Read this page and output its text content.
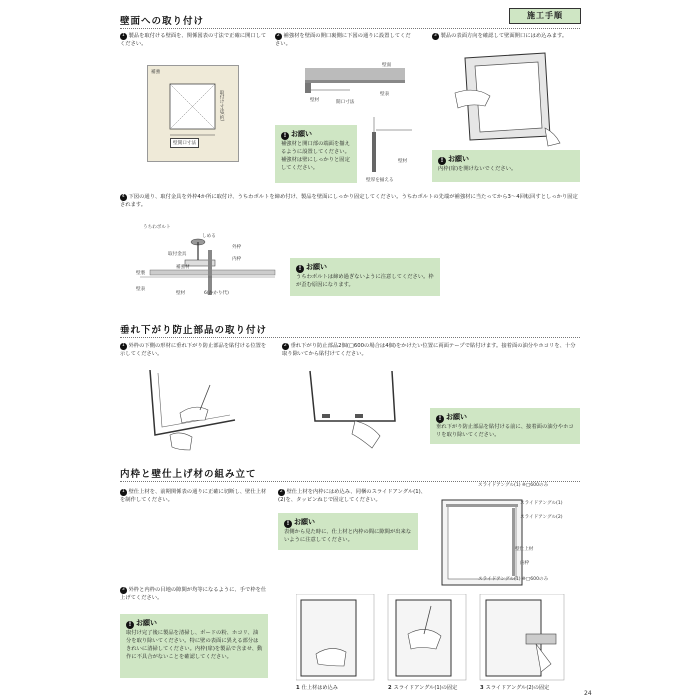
施工手順
壁面への取り付け
1 製品を取付ける壁面を、関係図表の寸法で正確に開口してください。
補強
取付け寸法(約)
壁開口寸法
2 補強材を壁面の開口裏側に下図の通りに設置してください。
壁面
壁材	開口寸法
壁表
! お願い
補強材と開口部の端面を揃えるように設置してください。補強材は壁にしっかりと固定してください。
壁材
壁厚を揃える
3 製品の表面方向を確認して壁面開口にはめ込みます。
! お願い
内枠(扉)を開けないでください。
4 下図の通り、取付金具を外枠4か所に取付け、うちわボルトを締め付け、製品を壁面にしっかり固定してください。うちわボルトの先端が補強材に当たってから3～4回転回すとしっかり固定されます。
うちわボルト
しめる
取付金具
補強材
外枠
内枠
壁裏
壁表
壁材	6(かかり代)
! お願い
うちわボルトは締め過ぎないように注意してください。枠が歪む原因になります。
垂れ下がり防止部品の取り付け
1 外枠の下側の形材に垂れ下がり防止部品を貼付ける位置を示してください。
2 垂れ下がり防止部品2個(□600の場合は4個)をかけたい位置に両面テープで貼付けます。接着面の油分やホコリを、十分取り除いてから貼付けてください。
! お願い
垂れ下がり防止部品を貼付ける前に、接着面の油分やホコリを取り除いてください。
内枠と壁仕上げ材の組み立て
1 壁仕上材を、前期関係表の通りに正確に切断し、壁仕上材を制作してください。
2 壁仕上材を内枠にはめ込み、同梱のスライドアングル(1)、(2)を、タッピンねじで固定してください。
! お願い
表側から見た時に、仕上材と内枠の間に隙間が出来ないように注意してください。
スライドアングル(1) ※□600のみ
スライドアングル(1)
スライドアングル(2)
壁仕上材
内枠
スライドアングル(1) ※□600のみ
3 外枠と内枠の目地の隙間が均等になるように、手で枠を仕上げてください。
! お願い
取付け完了後に製品を清掃し、ボードの粉、ホコリ、油分を取り除いてください。特に壁の表面に異える部分はきれいに清掃してください。内枠(扉)を製品で含ませ、動作に不具合がないことを確認してください。
1 仕上材はめ込み	2 スライドアングル(1)の固定	3 スライドアングル(2)の固定
24
